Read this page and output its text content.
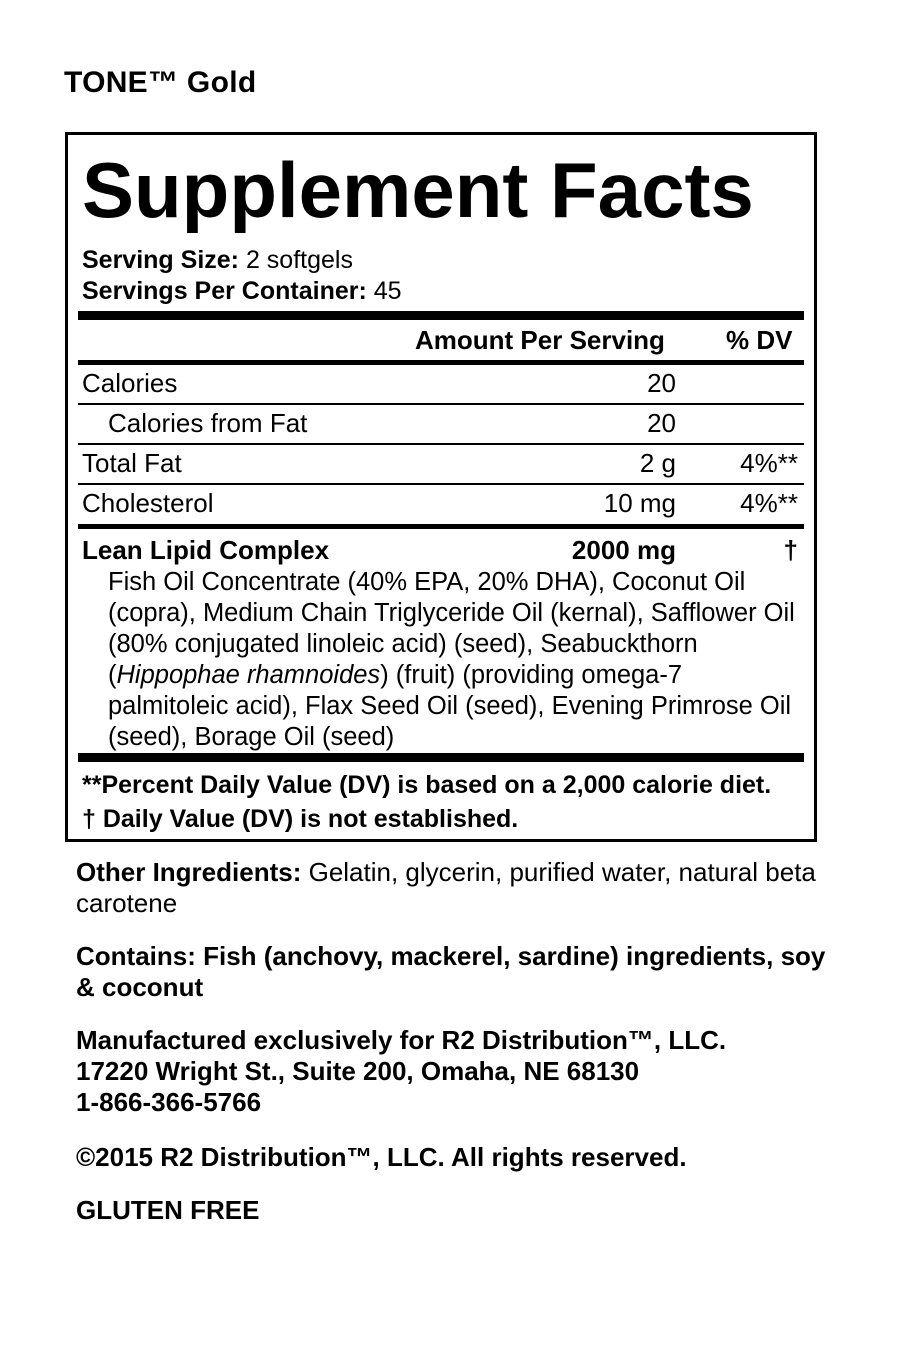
TONE™ Gold
Supplement Facts
Serving Size: 2 softgels
Servings Per Container: 45
Amount Per Serving % DV
Calories	20
Calories from Fat	20
Total Fat	2 g	4%**
Cholesterol	10 mg	4%**
Lean Lipid Complex	2000 mg	†
Fish Oil Concentrate (40% EPA, 20% DHA), Coconut Oil (copra), Medium Chain Triglyceride Oil (kernal), Safflower Oil (80% conjugated linoleic acid) (seed), Seabuckthorn (Hippophae rhamnoides) (fruit) (providing omega-7 palmitoleic acid), Flax Seed Oil (seed), Evening Primrose Oil (seed), Borage Oil (seed)
**Percent Daily Value (DV) is based on a 2,000 calorie diet.
† Daily Value (DV) is not established.
Other Ingredients: Gelatin, glycerin, purified water, natural beta carotene
Contains: Fish (anchovy, mackerel, sardine) ingredients, soy & coconut
Manufactured exclusively for R2 Distribution™, LLC.
17220 Wright St., Suite 200, Omaha, NE 68130
1-866-366-5766
©2015 R2 Distribution™, LLC. All rights reserved.
GLUTEN FREE
